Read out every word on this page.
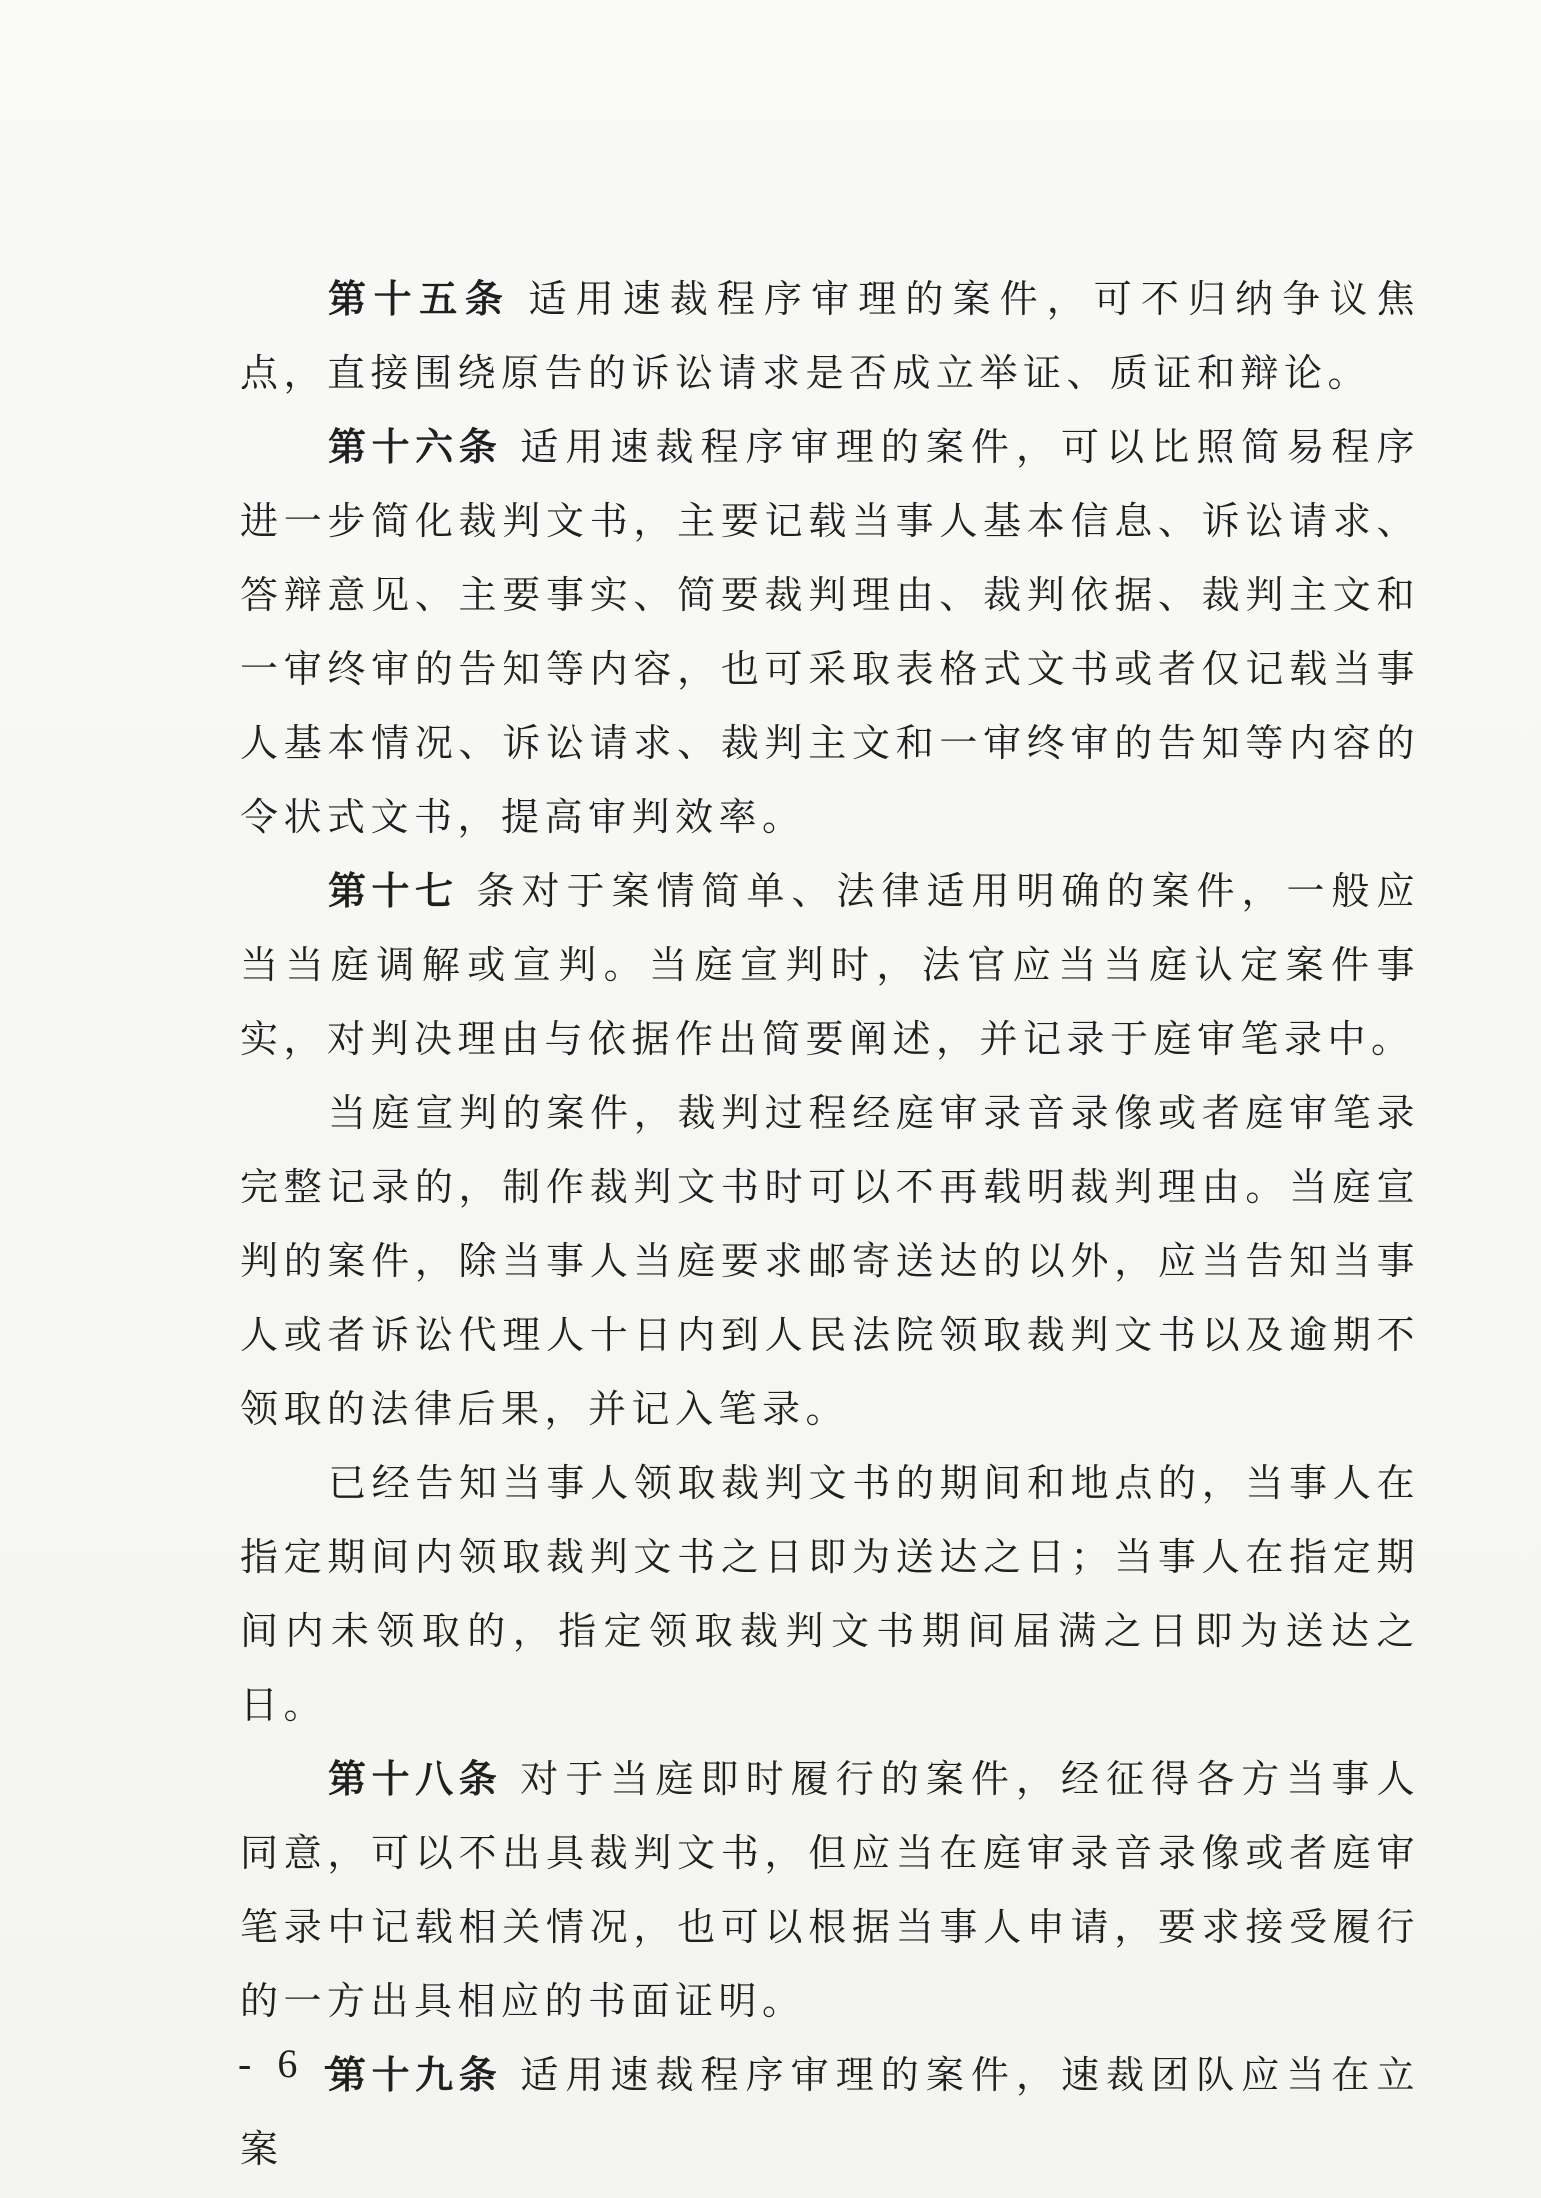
第十五条 适用速裁程序审理的案件，可不归纳争议焦点，直接围绕原告的诉讼请求是否成立举证、质证和辩论。

第十六条 适用速裁程序审理的案件，可以比照简易程序进一步简化裁判文书，主要记载当事人基本信息、诉讼请求、答辩意见、主要事实、简要裁判理由、裁判依据、裁判主文和一审终审的告知等内容，也可采取表格式文书或者仅记载当事人基本情况、诉讼请求、裁判主文和一审终审的告知等内容的令状式文书，提高审判效率。

第十七 条对于案情简单、法律适用明确的案件，一般应当当庭调解或宣判。当庭宣判时，法官应当当庭认定案件事实，对判决理由与依据作出简要阐述，并记录于庭审笔录中。

当庭宣判的案件，裁判过程经庭审录音录像或者庭审笔录完整记录的，制作裁判文书时可以不再载明裁判理由。当庭宣判的案件，除当事人当庭要求邮寄送达的以外，应当告知当事人或者诉讼代理人十日内到人民法院领取裁判文书以及逾期不领取的法律后果，并记入笔录。

已经告知当事人领取裁判文书的期间和地点的，当事人在指定期间内领取裁判文书之日即为送达之日；当事人在指定期间内未领取的，指定领取裁判文书期间届满之日即为送达之日。

第十八条 对于当庭即时履行的案件，经征得各方当事人同意，可以不出具裁判文书，但应当在庭审录音录像或者庭审笔录中记载相关情况，也可以根据当事人申请，要求接受履行的一方出具相应的书面证明。

第十九条 适用速裁程序审理的案件，速裁团队应当在立案

- 6 -
